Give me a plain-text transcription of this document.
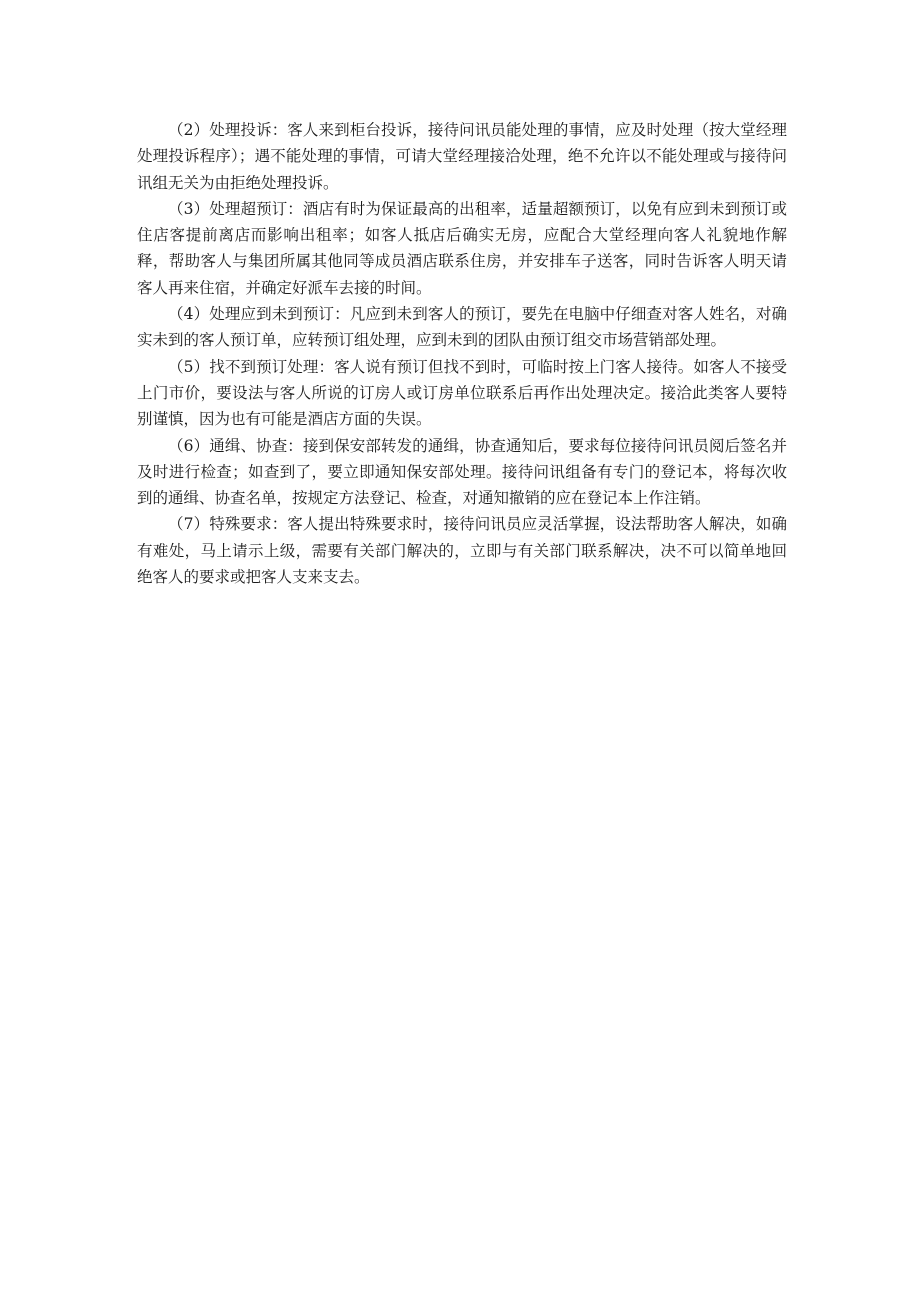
（2）处理投诉：客人来到柜台投诉，接待问讯员能处理的事情，应及时处理（按大堂经理处理投诉程序）；遇不能处理的事情，可请大堂经理接洽处理，绝不允许以不能处理或与接待问讯组无关为由拒绝处理投诉。

（3）处理超预订：酒店有时为保证最高的出租率，适量超额预订，以免有应到未到预订或住店客提前离店而影响出租率；如客人抵店后确实无房，应配合大堂经理向客人礼貌地作解释，帮助客人与集团所属其他同等成员酒店联系住房，并安排车子送客，同时告诉客人明天请客人再来住宿，并确定好派车去接的时间。

（4）处理应到未到预订：凡应到未到客人的预订，要先在电脑中仔细查对客人姓名，对确实未到的客人预订单，应转预订组处理，应到未到的团队由预订组交市场营销部处理。

（5）找不到预订处理：客人说有预订但找不到时，可临时按上门客人接待。如客人不接受上门市价，要设法与客人所说的订房人或订房单位联系后再作出处理决定。接洽此类客人要特别谨慎，因为也有可能是酒店方面的失误。

（6）通缉、协查：接到保安部转发的通缉，协查通知后，要求每位接待问讯员阅后签名并及时进行检查；如查到了，要立即通知保安部处理。接待问讯组备有专门的登记本，将每次收到的通缉、协查名单，按规定方法登记、检查，对通知撤销的应在登记本上作注销。

（7）特殊要求：客人提出特殊要求时，接待问讯员应灵活掌握，设法帮助客人解决，如确有难处，马上请示上级，需要有关部门解决的，立即与有关部门联系解决，决不可以简单地回绝客人的要求或把客人支来支去。
